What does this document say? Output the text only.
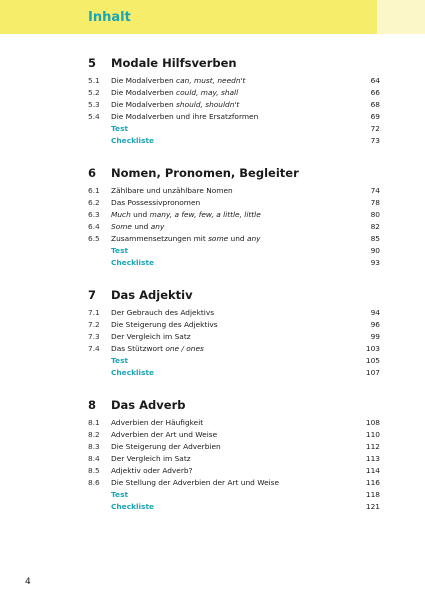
Inhalt
5	Modale Hilfsverben
5.1	Die Modalverben can, must, needn't	64
5.2	Die Modalverben could, may, shall	66
5.3	Die Modalverben should, shouldn't	68
5.4	Die Modalverben und ihre Ersatzformen	69
Test	72
Checkliste	73
6	Nomen, Pronomen, Begleiter
6.1	Zählbare und unzählbare Nomen	74
6.2	Das Possessivpronomen	78
6.3	Much und many, a few, few, a little, little	80
6.4	Some und any	82
6.5	Zusammensetzungen mit some und any	85
Test	90
Checkliste	93
7	Das Adjektiv
7.1	Der Gebrauch des Adjektivs	94
7.2	Die Steigerung des Adjektivs	96
7.3	Der Vergleich im Satz	99
7.4	Das Stützwort one / ones	103
Test	105
Checkliste	107
8	Das Adverb
8.1	Adverbien der Häufigkeit	108
8.2	Adverbien der Art und Weise	110
8.3	Die Steigerung der Adverbien	112
8.4	Der Vergleich im Satz	113
8.5	Adjektiv oder Adverb?	114
8.6	Die Stellung der Adverbien der Art und Weise	116
Test	118
Checkliste	121
4
